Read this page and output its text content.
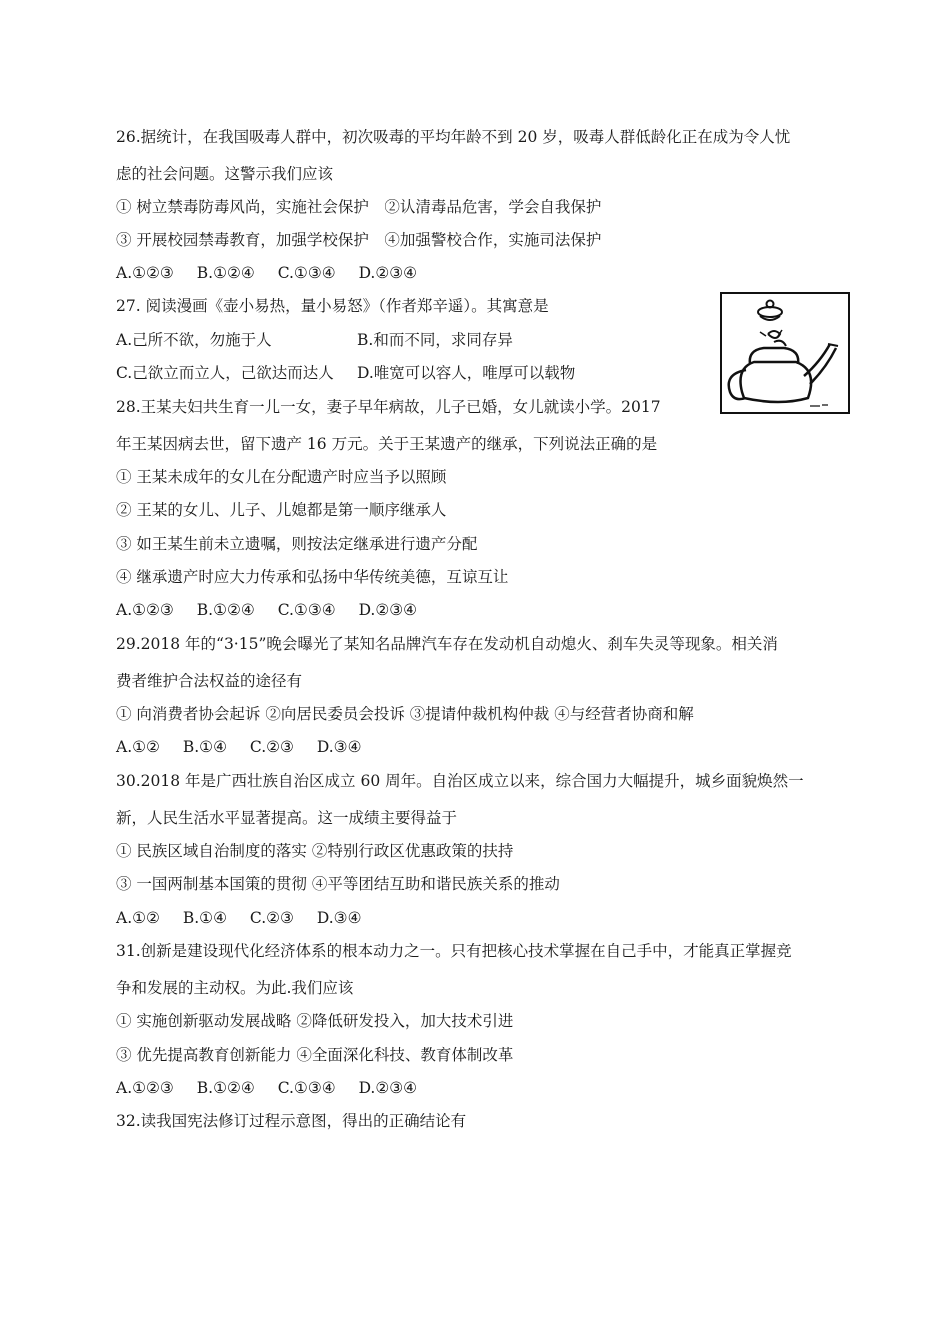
26.据统计，在我国吸毒人群中，初次吸毒的平均年龄不到 20 岁，吸毒人群低龄化正在成为令人忧
虑的社会问题。这警示我们应该
① 树立禁毒防毒风尚，实施社会保护　②认清毒品危害，学会自我保护
③ 开展校园禁毒教育，加强学校保护　④加强警校合作，实施司法保护
A.①②③ B.①②④ C.①③④ D.②③④
27. 阅读漫画《壶小易热，量小易怒》（作者郑辛遥）。其寓意是
A.己所不欲，勿施于人	B.和而不同，求同存异
C.己欲立而立人，己欲达而达人 D.唯宽可以容人，唯厚可以载物
28.王某夫妇共生育一儿一女，妻子早年病故，儿子已婚，女儿就读小学。2017
年王某因病去世，留下遗产 16 万元。关于王某遗产的继承，下列说法正确的是
① 王某未成年的女儿在分配遗产时应当予以照顾
② 王某的女儿、儿子、儿媳都是第一顺序继承人
③ 如王某生前未立遗嘱，则按法定继承进行遗产分配
④ 继承遗产时应大力传承和弘扬中华传统美德，互谅互让
A.①②③ B.①②④ C.①③④ D.②③④
29.2018 年的“3·15”晚会曝光了某知名品牌汽车存在发动机自动熄火、刹车失灵等现象。相关消
费者维护合法权益的途径有
① 向消费者协会起诉 ②向居民委员会投诉 ③提请仲裁机构仲裁 ④与经营者协商和解
A.①② B.①④ C.②③ D.③④
30.2018 年是广西壮族自治区成立 60 周年。自治区成立以来，综合国力大幅提升，城乡面貌焕然一
新，人民生活水平显著提高。这一成绩主要得益于
① 民族区域自治制度的落实 ②特别行政区优惠政策的扶持
③ 一国两制基本国策的贯彻 ④平等团结互助和谐民族关系的推动
A.①② B.①④ C.②③ D.③④
31.创新是建设现代化经济体系的根本动力之一。只有把核心技术掌握在自己手中，才能真正掌握竞
争和发展的主动权。为此.我们应该
① 实施创新驱动发展战略 ②降低研发投入，加大技术引进
③ 优先提高教育创新能力 ④全面深化科技、教育体制改革
A.①②③ B.①②④ C.①③④ D.②③④
32.读我国宪法修订过程示意图，得出的正确结论有
